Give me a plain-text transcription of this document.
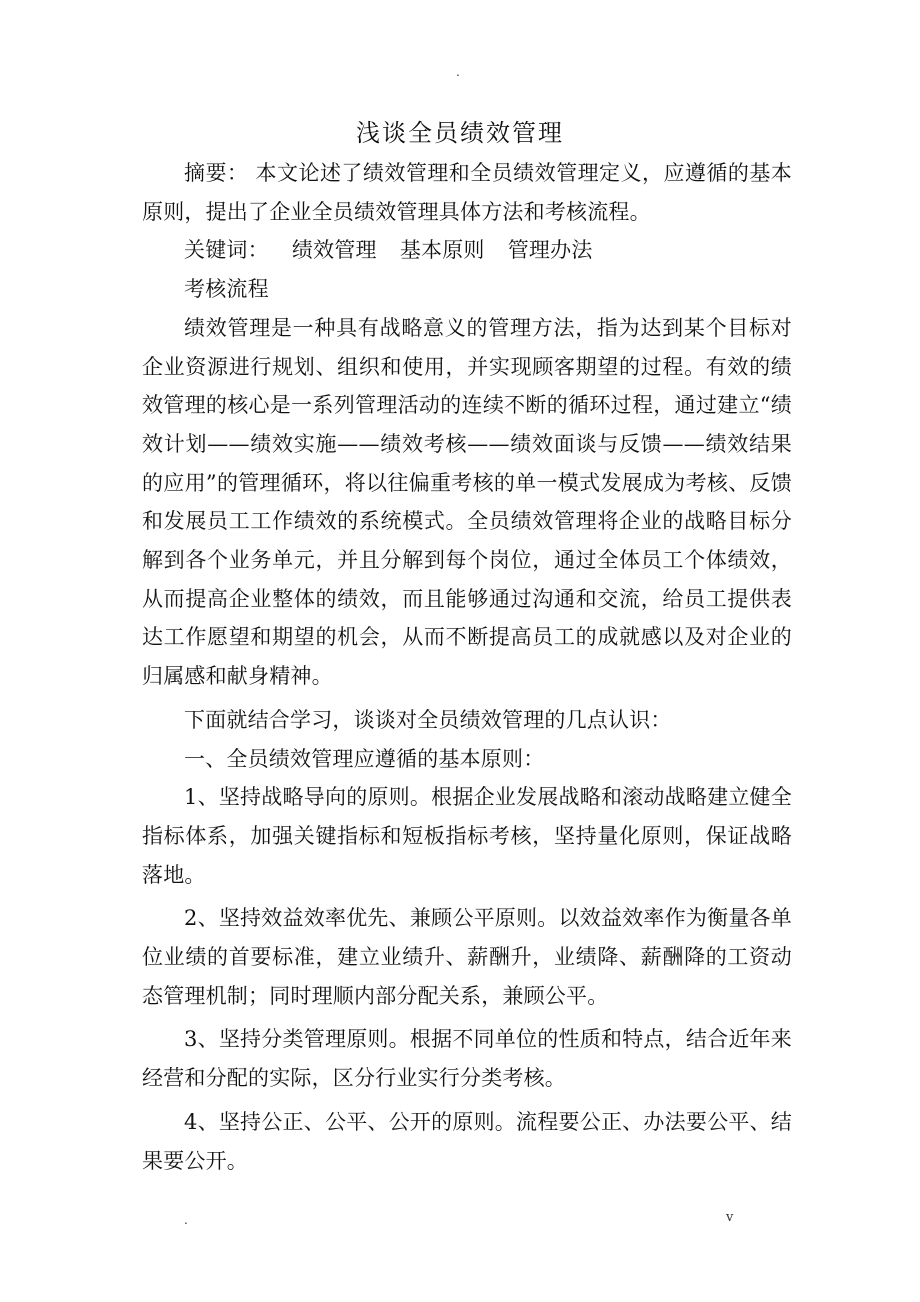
.
浅谈全员绩效管理

摘要： 本文论述了绩效管理和全员绩效管理定义，应遵循的基本原则，提出了企业全员绩效管理具体方法和考核流程。

关键词： 绩效管理 基本原则 管理办法

考核流程

绩效管理是一种具有战略意义的管理方法，指为达到某个目标对企业资源进行规划、组织和使用，并实现顾客期望的过程。有效的绩效管理的核心是一系列管理活动的连续不断的循环过程，通过建立“绩效计划——绩效实施——绩效考核——绩效面谈与反馈——绩效结果的应用”的管理循环，将以往偏重考核的单一模式发展成为考核、反馈和发展员工工作绩效的系统模式。全员绩效管理将企业的战略目标分解到各个业务单元，并且分解到每个岗位，通过全体员工个体绩效，从而提高企业整体的绩效，而且能够通过沟通和交流，给员工提供表达工作愿望和期望的机会，从而不断提高员工的成就感以及对企业的归属感和献身精神。

下面就结合学习，谈谈对全员绩效管理的几点认识：

一、全员绩效管理应遵循的基本原则：

1、坚持战略导向的原则。根据企业发展战略和滚动战略建立健全指标体系，加强关键指标和短板指标考核，坚持量化原则，保证战略落地。

2、坚持效益效率优先、兼顾公平原则。以效益效率作为衡量各单位业绩的首要标准，建立业绩升、薪酬升，业绩降、薪酬降的工资动态管理机制；同时理顺内部分配关系，兼顾公平。

3、坚持分类管理原则。根据不同单位的性质和特点，结合近年来经营和分配的实际，区分行业实行分类考核。

4、坚持公正、公平、公开的原则。流程要公正、办法要公平、结果要公开。

.	v
